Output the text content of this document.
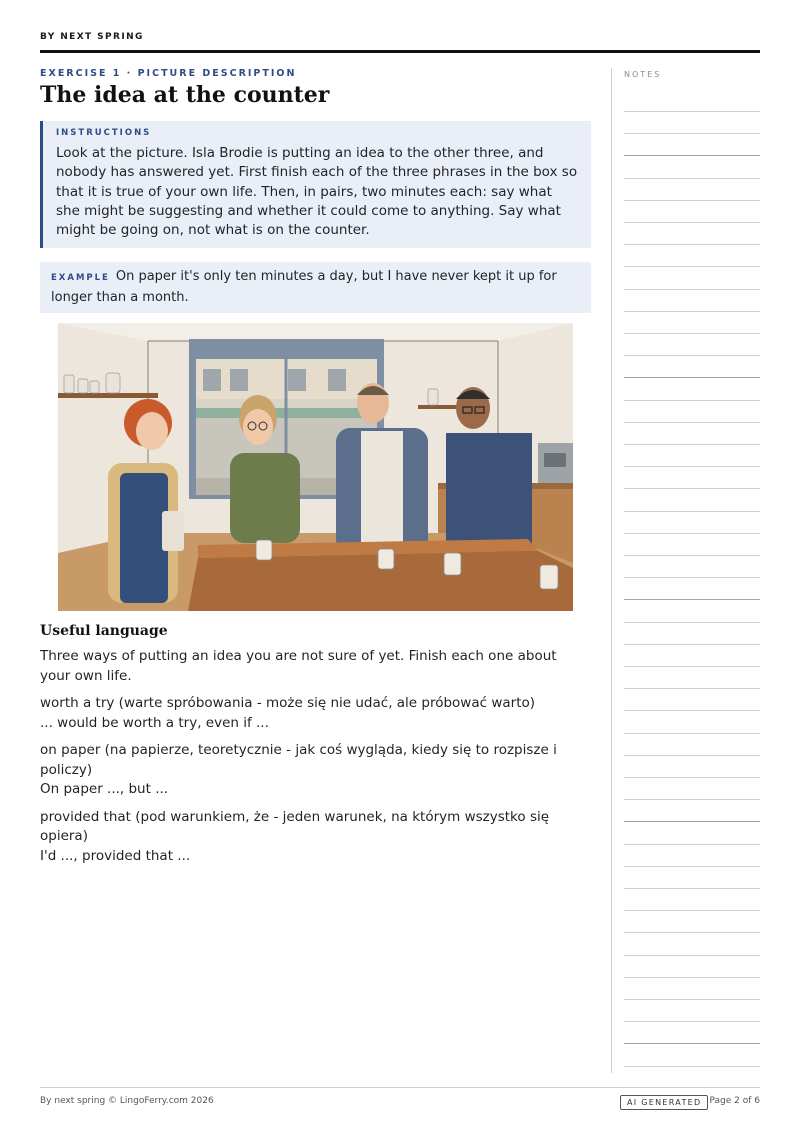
BY NEXT SPRING
EXERCISE 1 · PICTURE DESCRIPTION
The idea at the counter
INSTRUCTIONS
Look at the picture. Isla Brodie is putting an idea to the other three, and nobody has answered yet. First finish each of the three phrases in the box so that it is true of your own life. Then, in pairs, two minutes each: say what she might be suggesting and whether it could come to anything. Say what might be going on, not what is on the counter.
EXAMPLE On paper it's only ten minutes a day, but I have never kept it up for longer than a month.
Useful language

Three ways of putting an idea you are not sure of yet. Finish each one about your own life.

worth a try (warte spróbowania - może się nie udać, ale próbować warto)
... would be worth a try, even if ...
on paper (na papierze, teoretycznie - jak coś wygląda, kiedy się to rozpisze i policzy)
On paper ..., but ...
provided that (pod warunkiem, że - jeden warunek, na którym wszystko się opiera)
I'd ..., provided that ...
NOTES
By next spring © LingoFerry.com 2026	AI GENERATED Page 2 of 6
